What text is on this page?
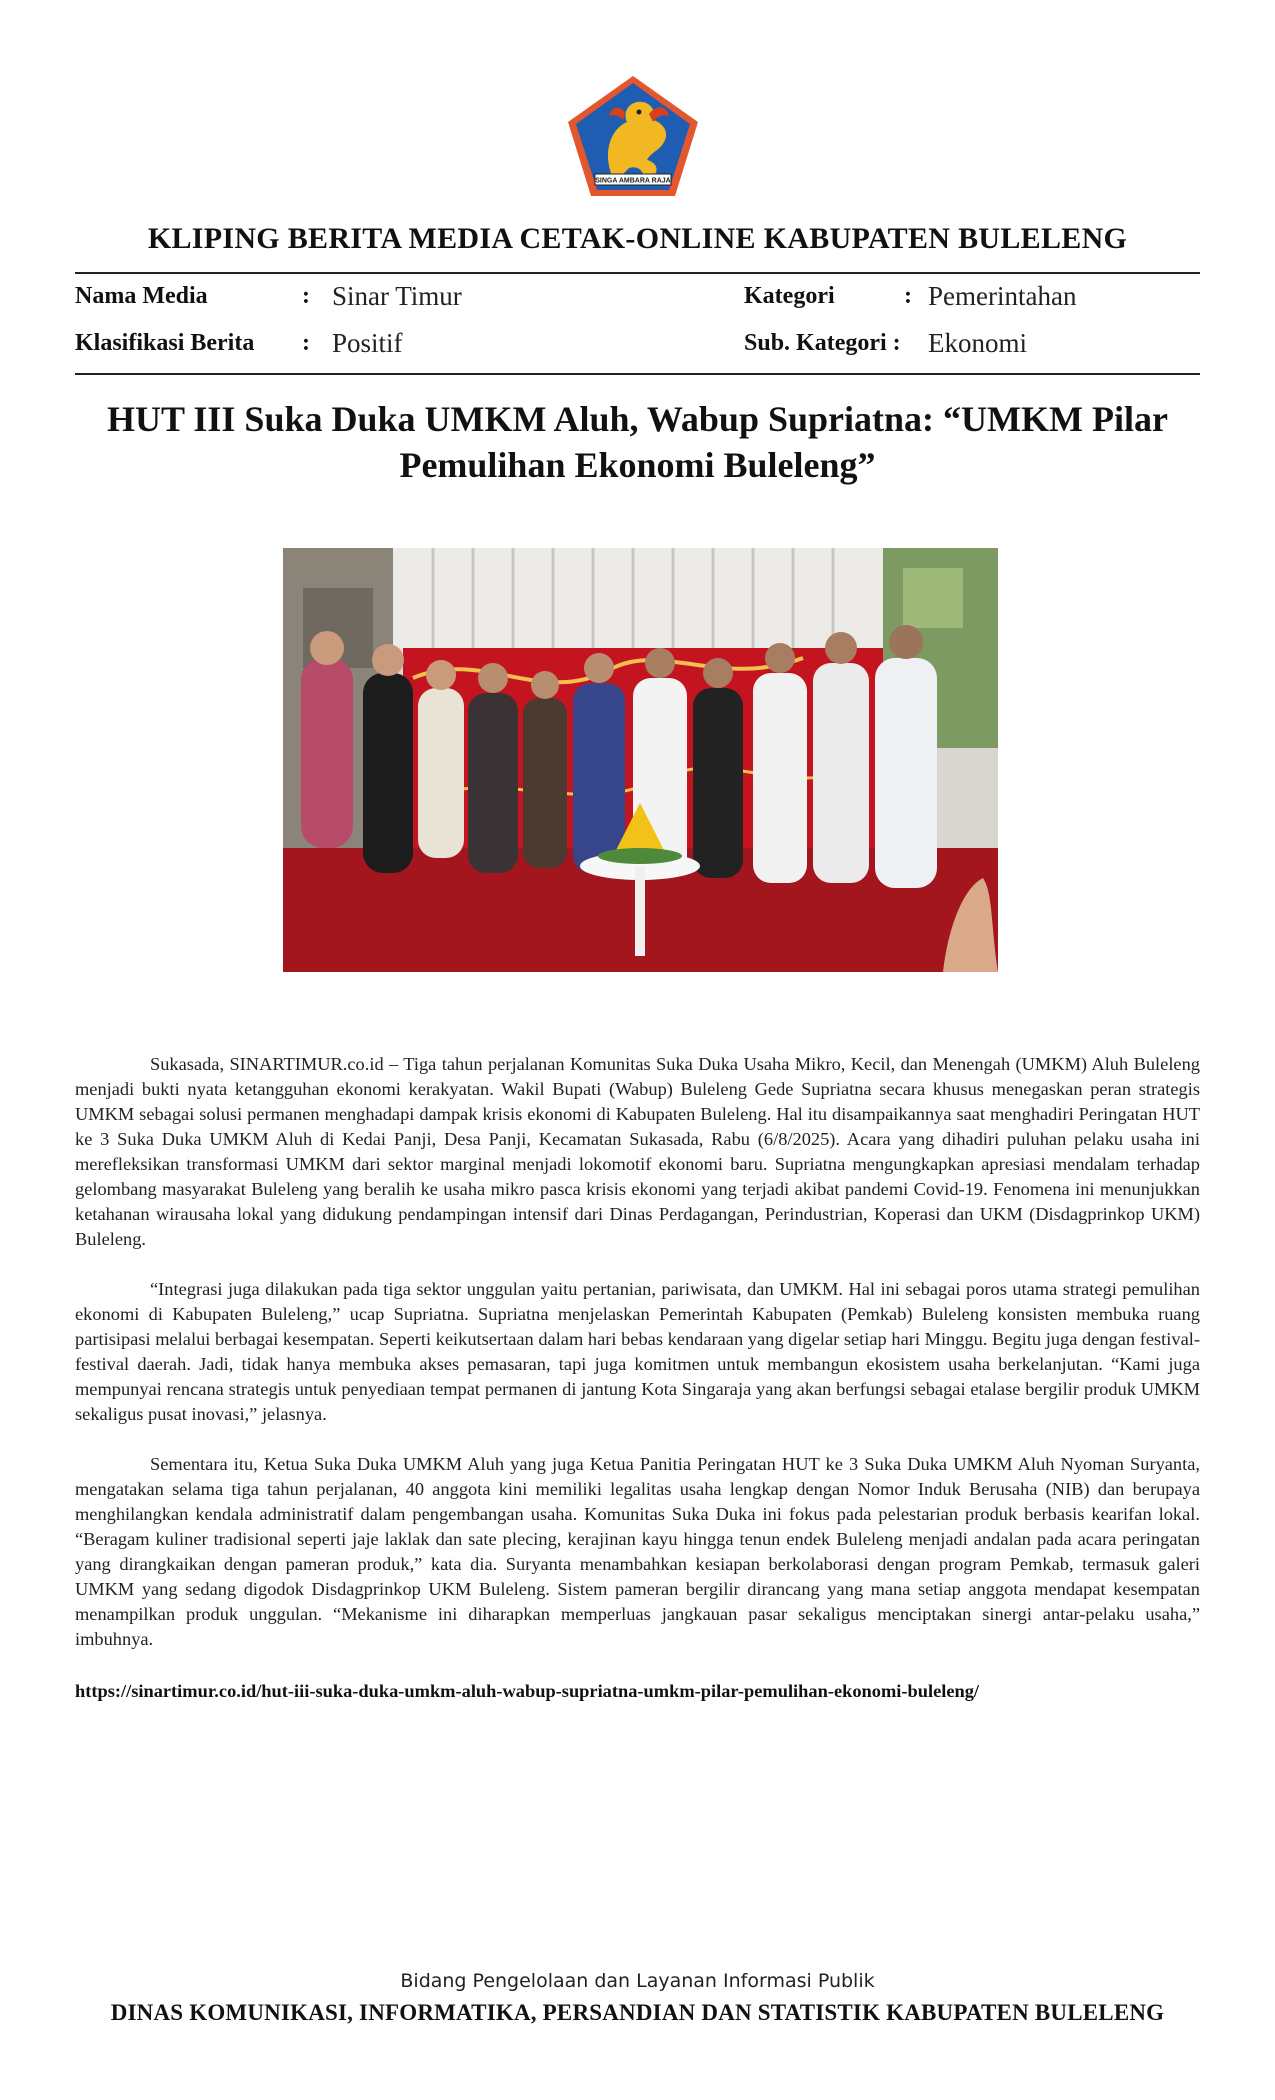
SINGA AMBARA RAJA
KLIPING BERITA MEDIA CETAK-ONLINE KABUPATEN BULELENG
Nama Media	: Sinar Timur	Kategori	: Pemerintahan
Klasifikasi Berita : Positif	Sub. Kategori : Ekonomi
HUT III Suka Duka UMKM Aluh, Wabup Supriatna: “UMKM Pilar
Pemulihan Ekonomi Buleleng”

Sukasada, SINARTIMUR.co.id – Tiga tahun perjalanan Komunitas Suka Duka Usaha Mikro, Kecil, dan Menengah (UMKM) Aluh Buleleng menjadi bukti nyata ketangguhan ekonomi kerakyatan. Wakil Bupati (Wabup) Buleleng Gede Supriatna secara khusus menegaskan peran strategis UMKM sebagai solusi permanen menghadapi dampak krisis ekonomi di Kabupaten Buleleng. Hal itu disampaikannya saat menghadiri Peringatan HUT ke 3 Suka Duka UMKM Aluh di Kedai Panji, Desa Panji, Kecamatan Sukasada, Rabu (6/8/2025). Acara yang dihadiri puluhan pelaku usaha ini merefleksikan transformasi UMKM dari sektor marginal menjadi lokomotif ekonomi baru. Supriatna mengungkapkan apresiasi mendalam terhadap gelombang masyarakat Buleleng yang beralih ke usaha mikro pasca krisis ekonomi yang terjadi akibat pandemi Covid-19. Fenomena ini menunjukkan ketahanan wirausaha lokal yang didukung pendampingan intensif dari Dinas Perdagangan, Perindustrian, Koperasi dan UKM (Disdagprinkop UKM) Buleleng.

“Integrasi juga dilakukan pada tiga sektor unggulan yaitu pertanian, pariwisata, dan UMKM. Hal ini sebagai poros utama strategi pemulihan ekonomi di Kabupaten Buleleng,” ucap Supriatna. Supriatna menjelaskan Pemerintah Kabupaten (Pemkab) Buleleng konsisten membuka ruang partisipasi melalui berbagai kesempatan. Seperti keikutsertaan dalam hari bebas kendaraan yang digelar setiap hari Minggu. Begitu juga dengan festival-festival daerah. Jadi, tidak hanya membuka akses pemasaran, tapi juga komitmen untuk membangun ekosistem usaha berkelanjutan. “Kami juga mempunyai rencana strategis untuk penyediaan tempat permanen di jantung Kota Singaraja yang akan berfungsi sebagai etalase bergilir produk UMKM sekaligus pusat inovasi,” jelasnya.

Sementara itu, Ketua Suka Duka UMKM Aluh yang juga Ketua Panitia Peringatan HUT ke 3 Suka Duka UMKM Aluh Nyoman Suryanta, mengatakan selama tiga tahun perjalanan, 40 anggota kini memiliki legalitas usaha lengkap dengan Nomor Induk Berusaha (NIB) dan berupaya menghilangkan kendala administratif dalam pengembangan usaha. Komunitas Suka Duka ini fokus pada pelestarian produk berbasis kearifan lokal. “Beragam kuliner tradisional seperti jaje laklak dan sate plecing, kerajinan kayu hingga tenun endek Buleleng menjadi andalan pada acara peringatan yang dirangkaikan dengan pameran produk,” kata dia. Suryanta menambahkan kesiapan berkolaborasi dengan program Pemkab, termasuk galeri UMKM yang sedang digodok Disdagprinkop UKM Buleleng. Sistem pameran bergilir dirancang yang mana setiap anggota mendapat kesempatan menampilkan produk unggulan. “Mekanisme ini diharapkan memperluas jangkauan pasar sekaligus menciptakan sinergi antar-pelaku usaha,” imbuhnya.

https://sinartimur.co.id/hut-iii-suka-duka-umkm-aluh-wabup-supriatna-umkm-pilar-pemulihan-ekonomi-buleleng/
Bidang Pengelolaan dan Layanan Informasi Publik
DINAS KOMUNIKASI, INFORMATIKA, PERSANDIAN DAN STATISTIK KABUPATEN BULELENG
